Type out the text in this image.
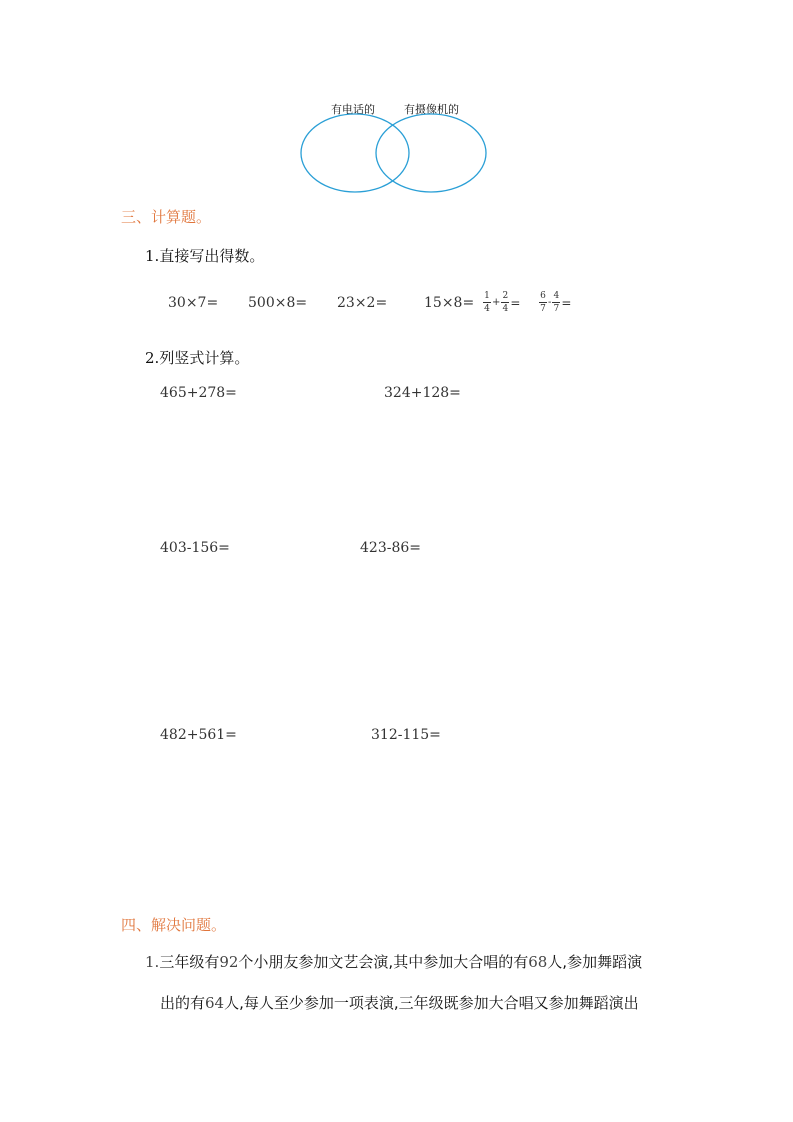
有电话的	有摄像机的
三、计算题。
1.直接写出得数。
30×7= 500×8= 23×2=	$15\times 8= \frac{1}{4} + \frac{2}{4} = \frac{6}{7} - \frac{4}{7}$ =
2.列竖式计算。
465+278=	324+128=
403-156=	423-86=
482+561=	312-115=
四、解决问题。
1.三年级有92个小朋友参加文艺会演,其中参加大合唱的有68人,参加舞蹈演
出的有64人,每人至少参加一项表演,三年级既参加大合唱又参加舞蹈演出
